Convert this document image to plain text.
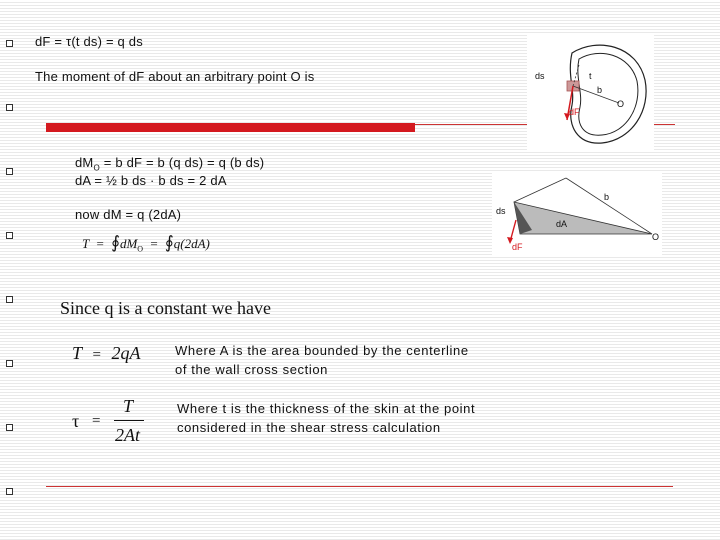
dF = τ(t ds) = q ds
The moment of dF about an arbitrary point O is	ds	t
b
O
dF
$dM_O = b$ dF = b (q ds) = q (b ds)
dA = ½ b ds · b ds = 2 dA
now dM = q (2dA)
$T = ∮dM_O$ = ∮q(2dA)
ds
b
dA
O
dF
Since q is a constant we have
T = 2qA	Where A is the area bounded by the centerline
of the wall cross section
τ =
T
2At
Where t is the thickness of the skin at the point
considered in the shear stress calculation
